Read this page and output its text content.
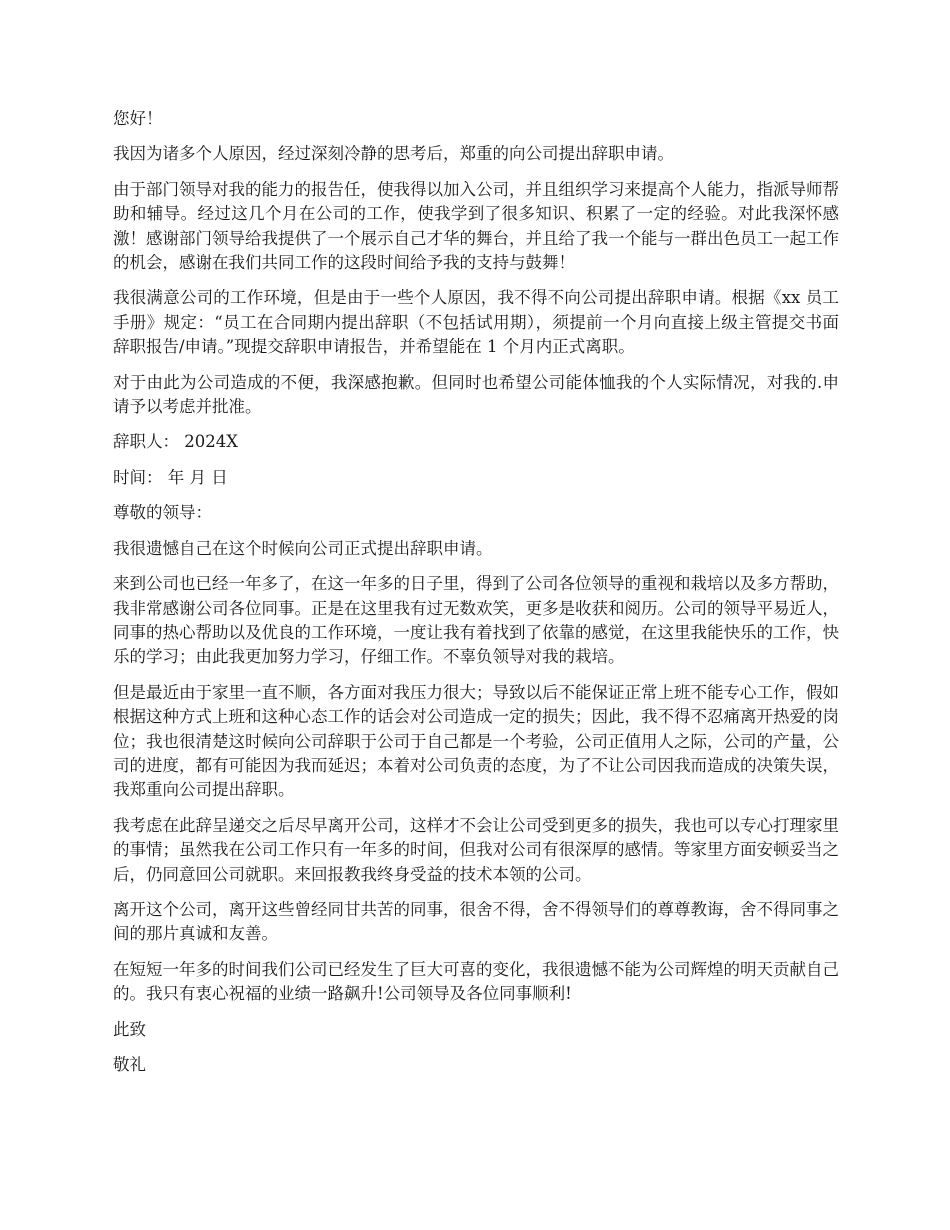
您好！

我因为诸多个人原因，经过深刻冷静的思考后，郑重的向公司提出辞职申请。

由于部门领导对我的能力的报告任，使我得以加入公司，并且组织学习来提高个人能力，指派导师帮助和辅导。经过这几个月在公司的工作，使我学到了很多知识、积累了一定的经验。对此我深怀感激！感谢部门领导给我提供了一个展示自己才华的舞台，并且给了我一个能与一群出色员工一起工作的机会，感谢在我们共同工作的这段时间给予我的支持与鼓舞！

我很满意公司的工作环境，但是由于一些个人原因，我不得不向公司提出辞职申请。根据《xx 员工手册》规定：“员工在合同期内提出辞职（不包括试用期），须提前一个月向直接上级主管提交书面辞职报告/申请。”现提交辞职申请报告，并希望能在 1 个月内正式离职。

对于由此为公司造成的不便，我深感抱歉。但同时也希望公司能体恤我的个人实际情况，对我的.申请予以考虑并批准。

辞职人： 2024X

时间： 年 月 日

尊敬的领导：

我很遗憾自己在这个时候向公司正式提出辞职申请。

来到公司也已经一年多了，在这一年多的日子里，得到了公司各位领导的重视和栽培以及多方帮助，我非常感谢公司各位同事。正是在这里我有过无数欢笑，更多是收获和阅历。公司的领导平易近人，同事的热心帮助以及优良的工作环境，一度让我有着找到了依靠的感觉，在这里我能快乐的工作，快乐的学习；由此我更加努力学习，仔细工作。不辜负领导对我的栽培。

但是最近由于家里一直不顺，各方面对我压力很大；导致以后不能保证正常上班不能专心工作，假如根据这种方式上班和这种心态工作的话会对公司造成一定的损失；因此，我不得不忍痛离开热爱的岗位；我也很清楚这时候向公司辞职于公司于自己都是一个考验，公司正值用人之际，公司的产量，公司的进度，都有可能因为我而延迟；本着对公司负责的态度，为了不让公司因我而造成的决策失误，我郑重向公司提出辞职。

我考虑在此辞呈递交之后尽早离开公司，这样才不会让公司受到更多的损失，我也可以专心打理家里的事情；虽然我在公司工作只有一年多的时间，但我对公司有很深厚的感情。等家里方面安顿妥当之后，仍同意回公司就职。来回报教我终身受益的技术本领的公司。

离开这个公司，离开这些曾经同甘共苦的同事，很舍不得，舍不得领导们的尊尊教诲，舍不得同事之间的那片真诚和友善。

在短短一年多的时间我们公司已经发生了巨大可喜的变化，我很遗憾不能为公司辉煌的明天贡献自己的。我只有衷心祝福的业绩一路飙升!公司领导及各位同事顺利!

此致

敬礼
